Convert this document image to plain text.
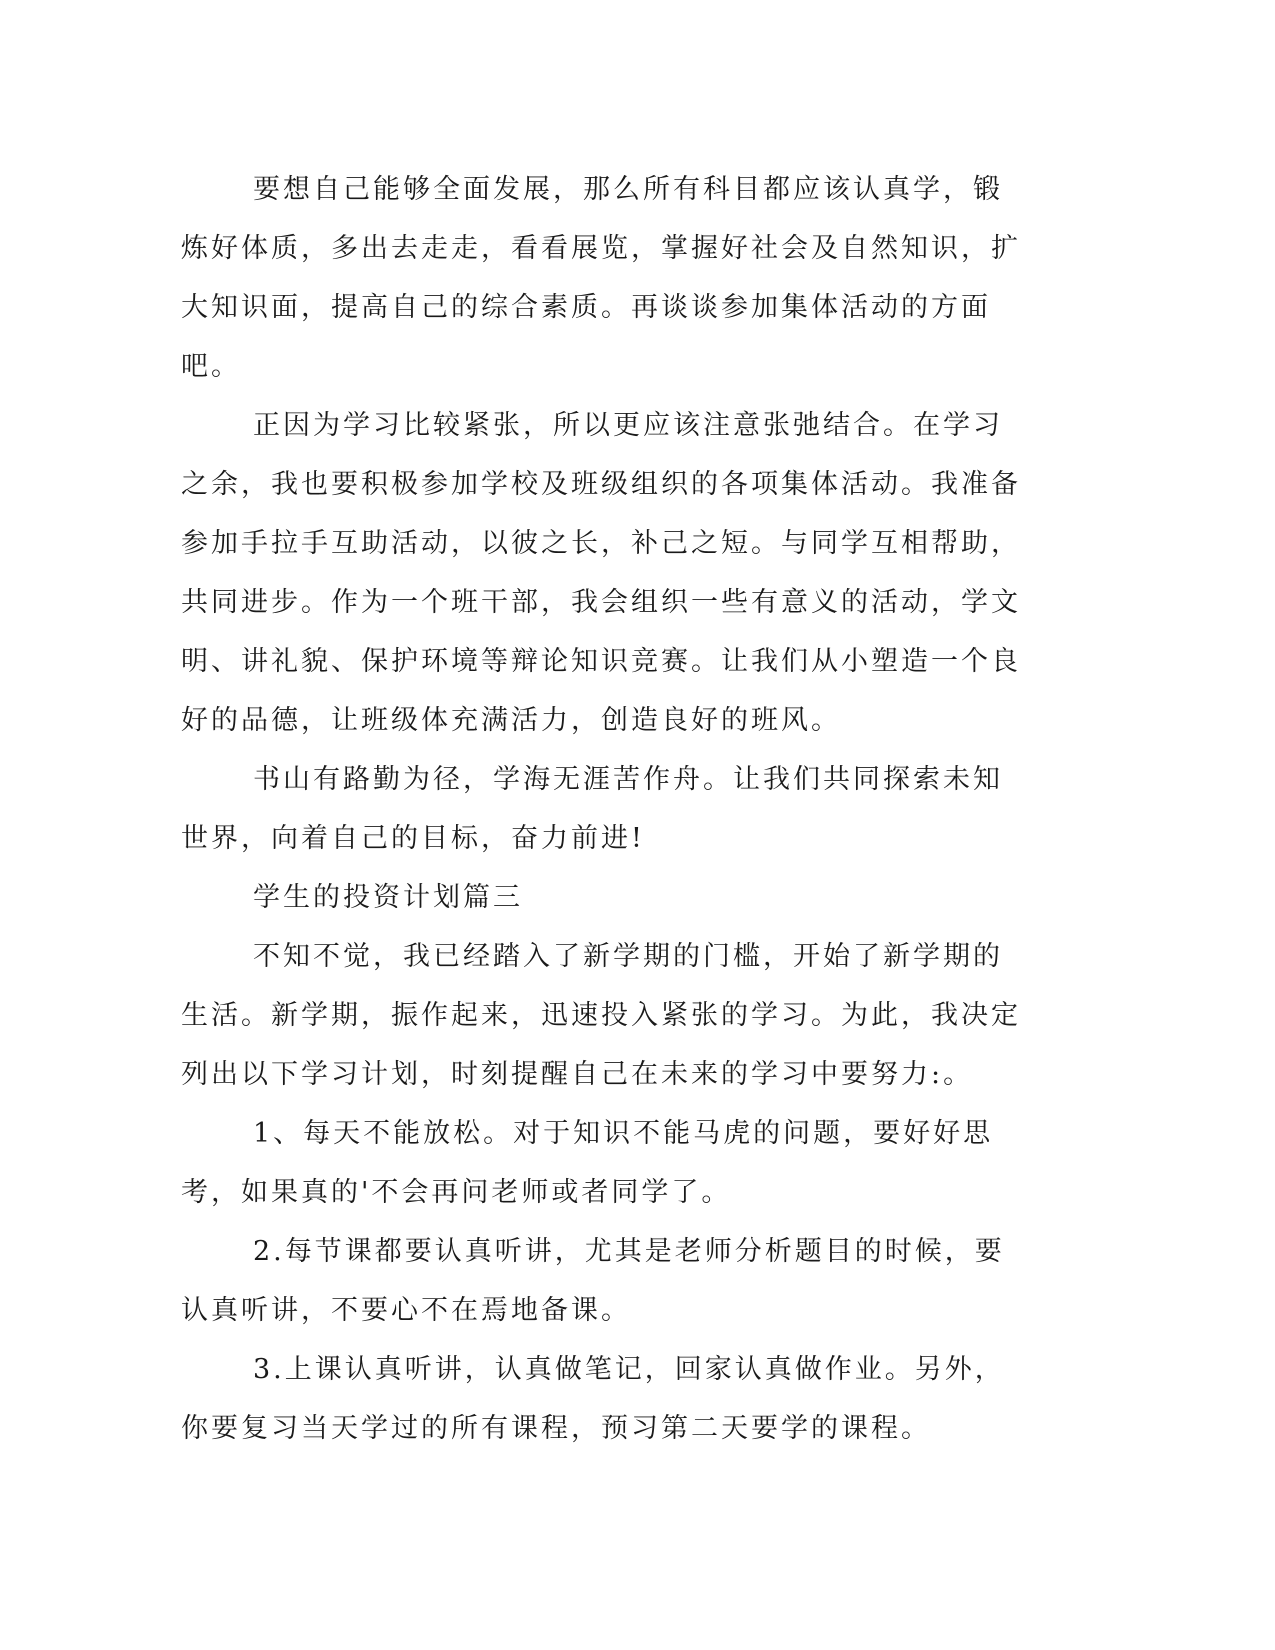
要想自己能够全面发展，那么所有科目都应该认真学，锻炼好体质，多出去走走，看看展览，掌握好社会及自然知识，扩大知识面，提高自己的综合素质。再谈谈参加集体活动的方面吧。

正因为学习比较紧张，所以更应该注意张弛结合。在学习之余，我也要积极参加学校及班级组织的各项集体活动。我准备参加手拉手互助活动，以彼之长，补己之短。与同学互相帮助，共同进步。作为一个班干部，我会组织一些有意义的活动，学文明、讲礼貌、保护环境等辩论知识竞赛。让我们从小塑造一个良好的品德，让班级体充满活力，创造良好的班风。

书山有路勤为径，学海无涯苦作舟。让我们共同探索未知世界，向着自己的目标，奋力前进!

学生的投资计划篇三

不知不觉，我已经踏入了新学期的门槛，开始了新学期的生活。新学期，振作起来，迅速投入紧张的学习。为此，我决定列出以下学习计划，时刻提醒自己在未来的学习中要努力:。

1、每天不能放松。对于知识不能马虎的问题，要好好思考，如果真的'不会再问老师或者同学了。

2.每节课都要认真听讲，尤其是老师分析题目的时候，要认真听讲，不要心不在焉地备课。

3.上课认真听讲，认真做笔记，回家认真做作业。另外，你要复习当天学过的所有课程，预习第二天要学的课程。
